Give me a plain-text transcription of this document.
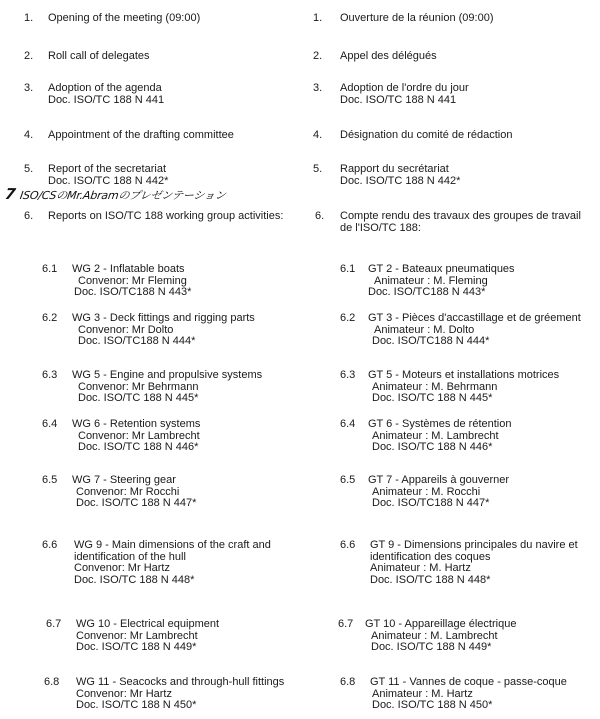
1. Opening of the meeting (09:00)
2. Roll call of delegates
3. Adoption of the agenda
Doc. ISO/TC 188 N 441
4. Appointment of the drafting committee
5. Report of the secretariat
Doc. ISO/TC 188 N 442*
7 ISO/CSのMr.Abramのプレゼンテーション
6. Reports on ISO/TC 188 working group activities:
6.1 WG 2 - Inflatable boats
Convenor: Mr Fleming
Doc. ISO/TC188 N 443*
6.2 WG 3 - Deck fittings and rigging parts
Convenor: Mr Dolto
Doc. ISO/TC188 N 444*
6.3 WG 5 - Engine and propulsive systems
Convenor: Mr Behrmann
Doc. ISO/TC 188 N 445*
6.4 WG 6 - Retention systems
Convenor: Mr Lambrecht
Doc. ISO/TC 188 N 446*
6.5 WG 7 - Steering gear
Convenor: Mr Rocchi
Doc. ISO/TC 188 N 447*
6.6 WG 9 - Main dimensions of the craft and
identification of the hull
Convenor: Mr Hartz
Doc. ISO/TC 188 N 448*
6.7 WG 10 - Electrical equipment
Convenor: Mr Lambrecht
Doc. ISO/TC 188 N 449*
6.8 WG 11 - Seacocks and through-hull fittings
Convenor: Mr Hartz
Doc. ISO/TC 188 N 450*
1. Ouverture de la réunion (09:00)
2. Appel des délégués
3. Adoption de l'ordre du jour
Doc. ISO/TC 188 N 441
4. Désignation du comité de rédaction
5. Rapport du secrétariat
Doc. ISO/TC 188 N 442*
6. Compte rendu des travaux des groupes de travail
de l'ISO/TC 188:
6.1 GT 2 - Bateaux pneumatiques
Animateur : M. Fleming
Doc. ISO/TC188 N 443*
6.2 GT 3 - Pièces d'accastillage et de gréement
Animateur : M. Dolto
Doc. ISO/TC188 N 444*
6.3 GT 5 - Moteurs et installations motrices
Animateur : M. Behrmann
Doc. ISO/TC 188 N 445*
6.4 GT 6 - Systèmes de rétention
Animateur : M. Lambrecht
Doc. ISO/TC 188 N 446*
6.5 GT 7 - Appareils à gouverner
Animateur : M. Rocchi
Doc. ISO/TC188 N 447*
6.6 GT 9 - Dimensions principales du navire et
identification des coques
Animateur : M. Hartz
Doc. ISO/TC 188 N 448*
6.7 GT 10 - Appareillage électrique
Animateur : M. Lambrecht
Doc. ISO/TC 188 N 449*
6.8 GT 11 - Vannes de coque - passe-coque
Animateur : M. Hartz
Doc. ISO/TC 188 N 450*
